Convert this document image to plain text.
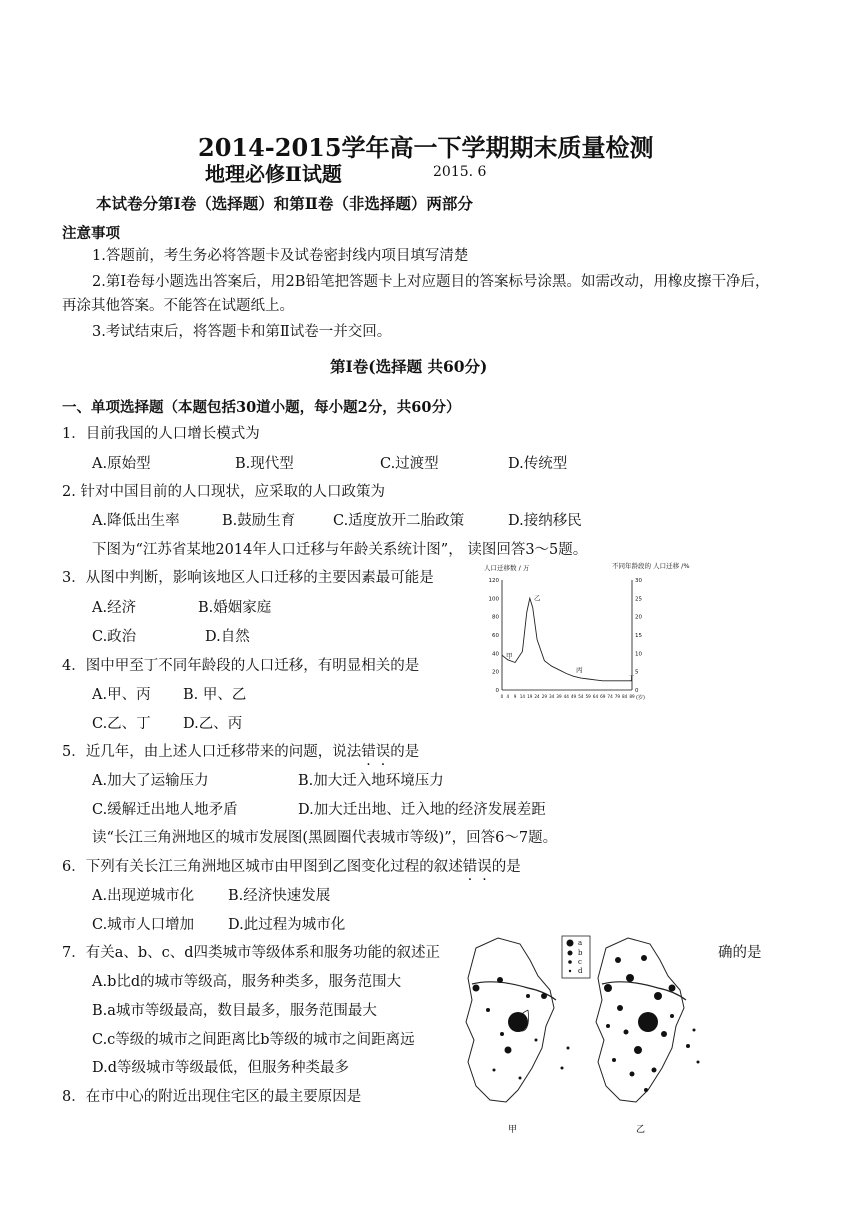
2014-2015学年高一下学期期末质量检测
地理必修Ⅱ试题	2015. 6
本试卷分第Ⅰ卷（选择题）和第Ⅱ卷（非选择题）两部分
注意事项
1.答题前，考生务必将答题卡及试卷密封线内项目填写清楚
2.第Ⅰ卷每小题选出答案后，用2B铅笔把答题卡上对应题目的答案标号涂黑。如需改动，用橡皮擦干净后，
再涂其他答案。不能答在试题纸上。
3.考试结束后，将答题卡和第Ⅱ试卷一并交回。
第Ⅰ卷(选择题 共60分)
一、单项选择题（本题包括30道小题，每小题2分，共60分）
1．目前我国的人口增长模式为
A.原始型	B.现代型	C.过渡型	D.传统型
2. 针对中国目前的人口现状，应采取的人口政策为
A.降低出生率	B.鼓励生育	C.适度放开二胎政策	D.接纳移民
下图为“江苏省某地2014年人口迁移与年龄关系统计图”， 读图回答3～5题。
3．从图中判断，影响该地区人口迁移的主要因素最可能是
A.经济	B.婚姻家庭
C.政治	D.自然
4．图中甲至丁不同年龄段的人口迁移，有明显相关的是
A.甲、丙 B. 甲、乙
C.乙、丁 D.乙、丙
5．近几年，由上述人口迁移带来的问题，说法错误的是
A.加大了运输压力	B.加大迁入地环境压力
C.缓解迁出地人地矛盾	D.加大迁出地、迁入地的经济发展差距
读“长江三角洲地区的城市发展图(黑圆圈代表城市等级)”，回答6～7题。
6．下列有关长江三角洲地区城市由甲图到乙图变化过程的叙述错误的是
A.出现逆城市化 B.经济快速发展
C.城市人口增加 D.此过程为城市化
7．有关a、b、c、d四类城市等级体系和服务功能的叙述正	确的是
A.b比d的城市等级高，服务种类多，服务范围大
B.a城市等级最高，数目最多，服务范围最大
C.c等级的城市之间距离比b等级的城市之间距离远
D.d等级城市等级最低，但服务种类最多
8．在市中心的附近出现住宅区的最主要原因是
人口迁移数 / 万	不同年龄段的 人口迁移 /%
0
20
40
60
80
100
120
0
5
10
15
20
25
30
0 4 9 14 19 24 29 34 39 44 49 54 59 64 69 74 79 84 89
甲
乙
丙
丁
(岁)
甲
a
b
c
d
乙
